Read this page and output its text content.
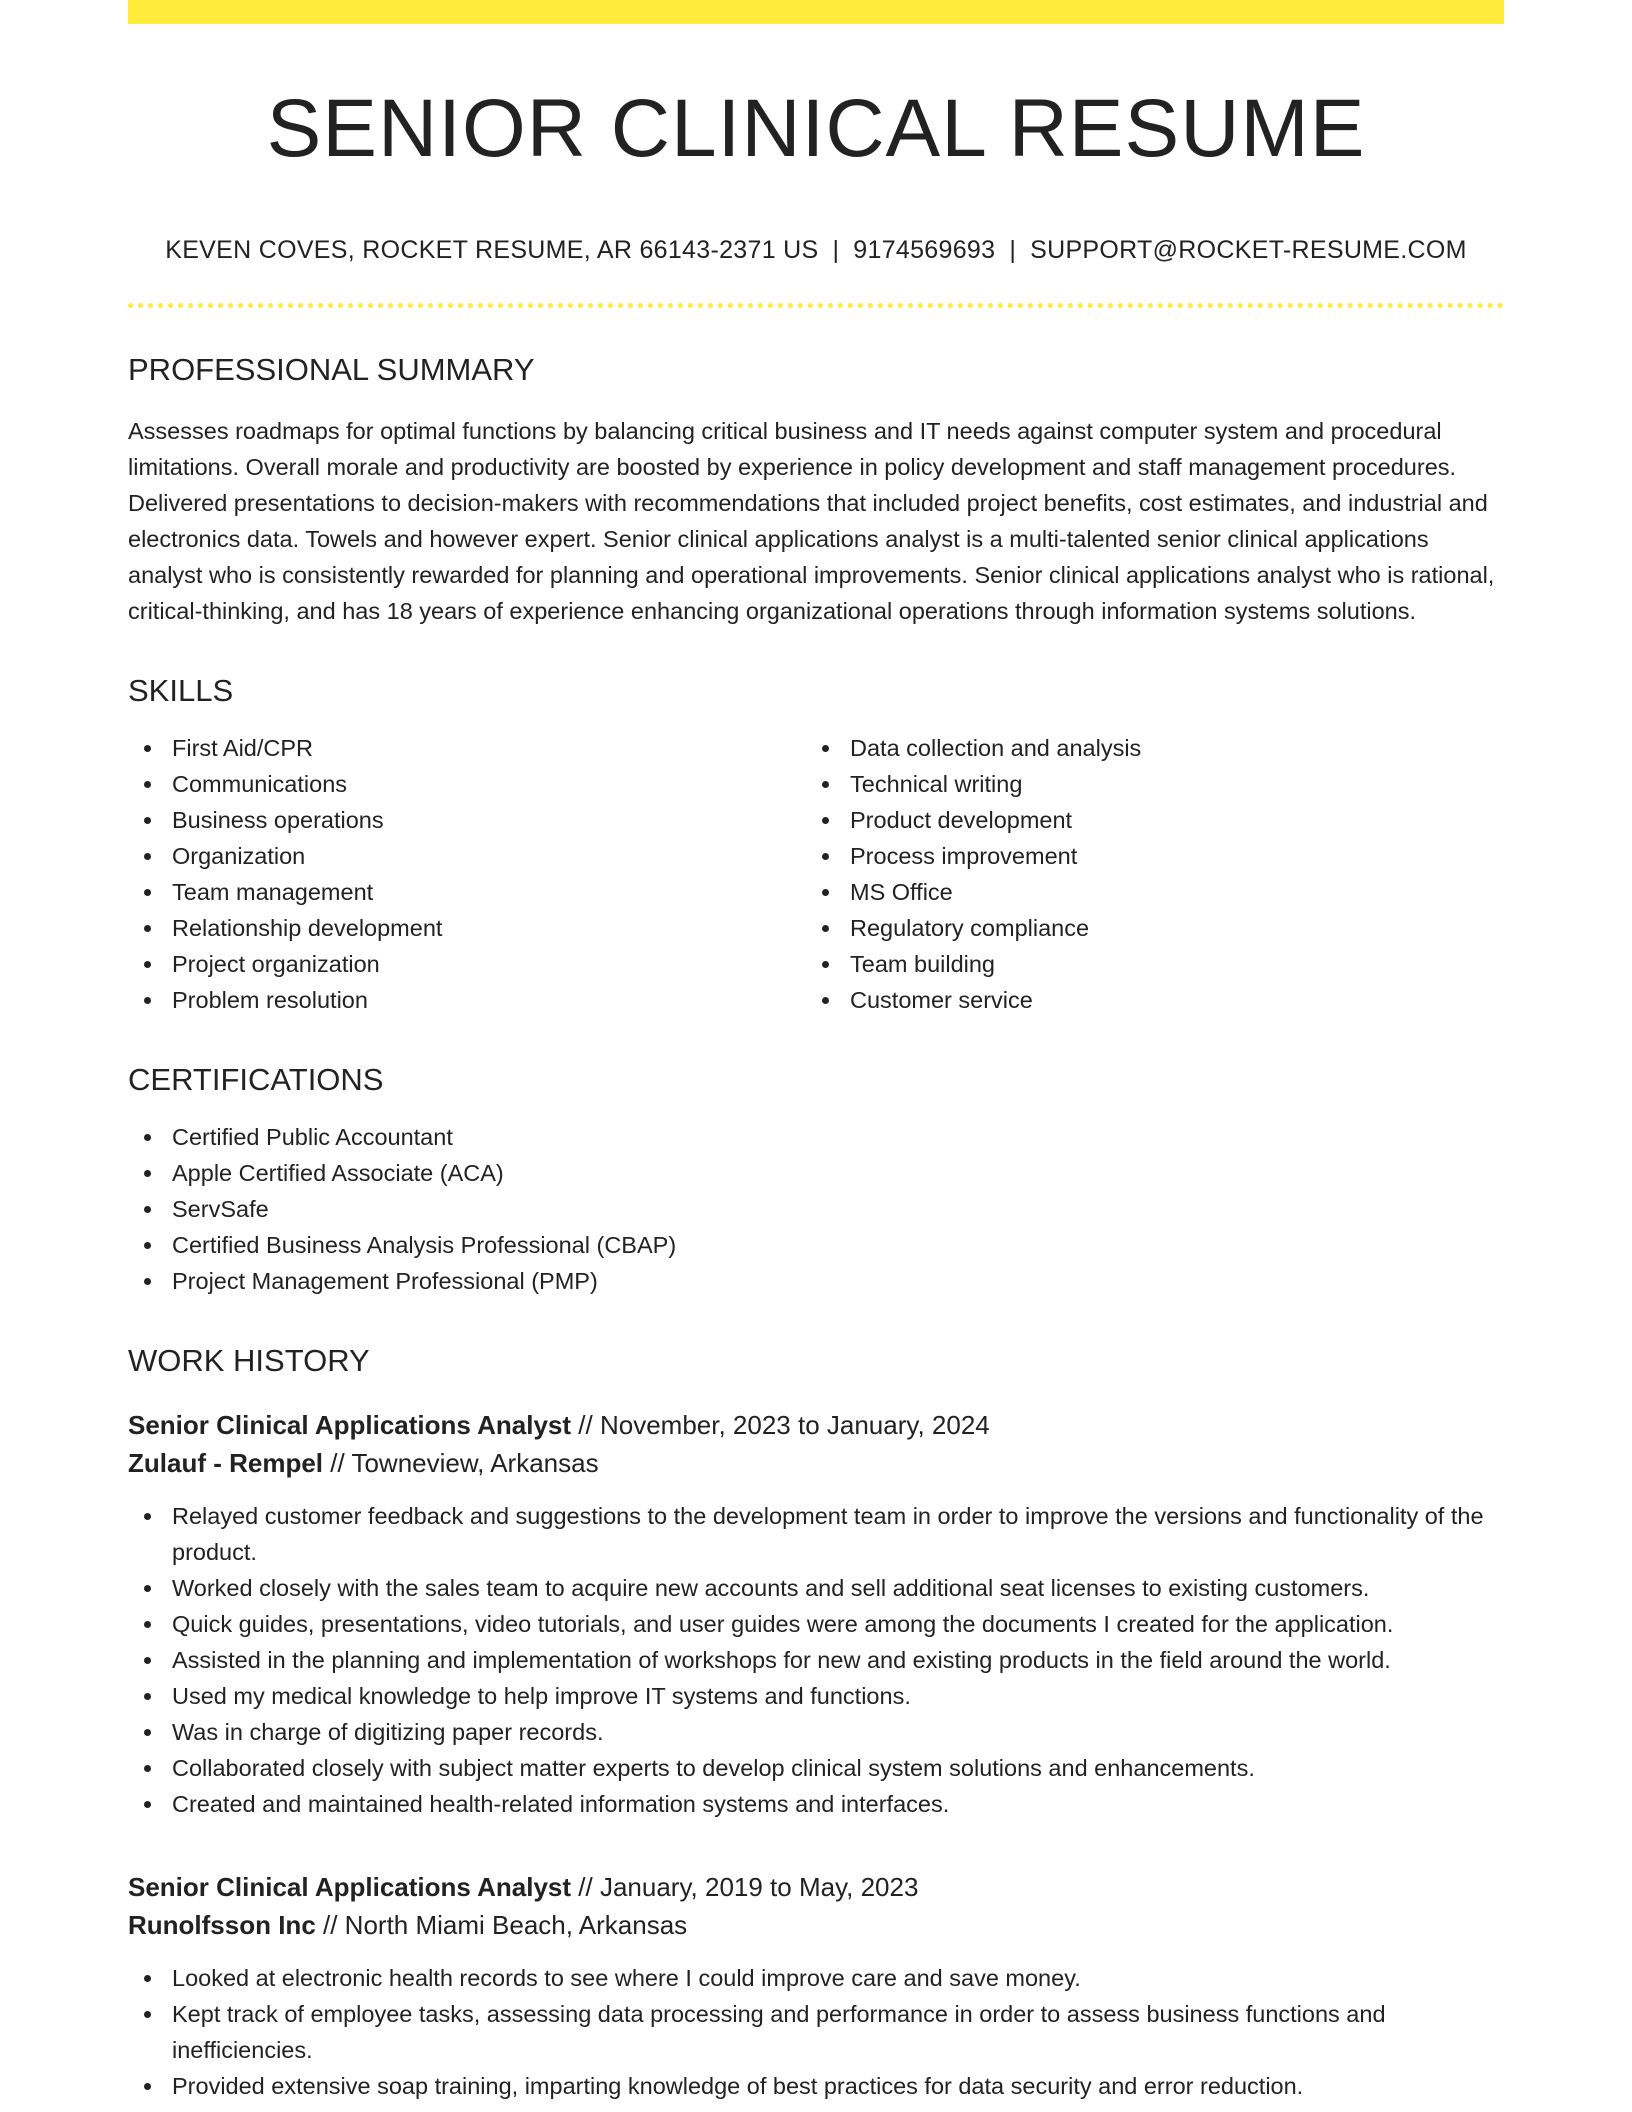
SENIOR CLINICAL RESUME
KEVEN COVES, ROCKET RESUME, AR 66143-2371 US | 9174569693 | SUPPORT@ROCKET-RESUME.COM
PROFESSIONAL SUMMARY

Assesses roadmaps for optimal functions by balancing critical business and IT needs against computer system and procedural limitations. Overall morale and productivity are boosted by experience in policy development and staff management procedures. Delivered presentations to decision-makers with recommendations that included project benefits, cost estimates, and industrial and electronics data. Towels and however expert. Senior clinical applications analyst is a multi-talented senior clinical applications analyst who is consistently rewarded for planning and operational improvements. Senior clinical applications analyst who is rational, critical-thinking, and has 18 years of experience enhancing organizational operations through information systems solutions.

SKILLS
First Aid/CPR
Communications
Business operations
Organization
Team management
Relationship development
Project organization
Problem resolution
Data collection and analysis
Technical writing
Product development
Process improvement
MS Office
Regulatory compliance
Team building
Customer service
CERTIFICATIONS
Certified Public Accountant
Apple Certified Associate (ACA)
ServSafe
Certified Business Analysis Professional (CBAP)
Project Management Professional (PMP)
WORK HISTORY
Senior Clinical Applications Analyst // November, 2023 to January, 2024
Zulauf - Rempel // Towneview, Arkansas
Relayed customer feedback and suggestions to the development team in order to improve the versions and functionality of the product.
Worked closely with the sales team to acquire new accounts and sell additional seat licenses to existing customers.
Quick guides, presentations, video tutorials, and user guides were among the documents I created for the application.
Assisted in the planning and implementation of workshops for new and existing products in the field around the world.
Used my medical knowledge to help improve IT systems and functions.
Was in charge of digitizing paper records.
Collaborated closely with subject matter experts to develop clinical system solutions and enhancements.
Created and maintained health-related information systems and interfaces.
Senior Clinical Applications Analyst // January, 2019 to May, 2023
Runolfsson Inc // North Miami Beach, Arkansas
Looked at electronic health records to see where I could improve care and save money.
Kept track of employee tasks, assessing data processing and performance in order to assess business functions and inefficiencies.
Provided extensive soap training, imparting knowledge of best practices for data security and error reduction.
